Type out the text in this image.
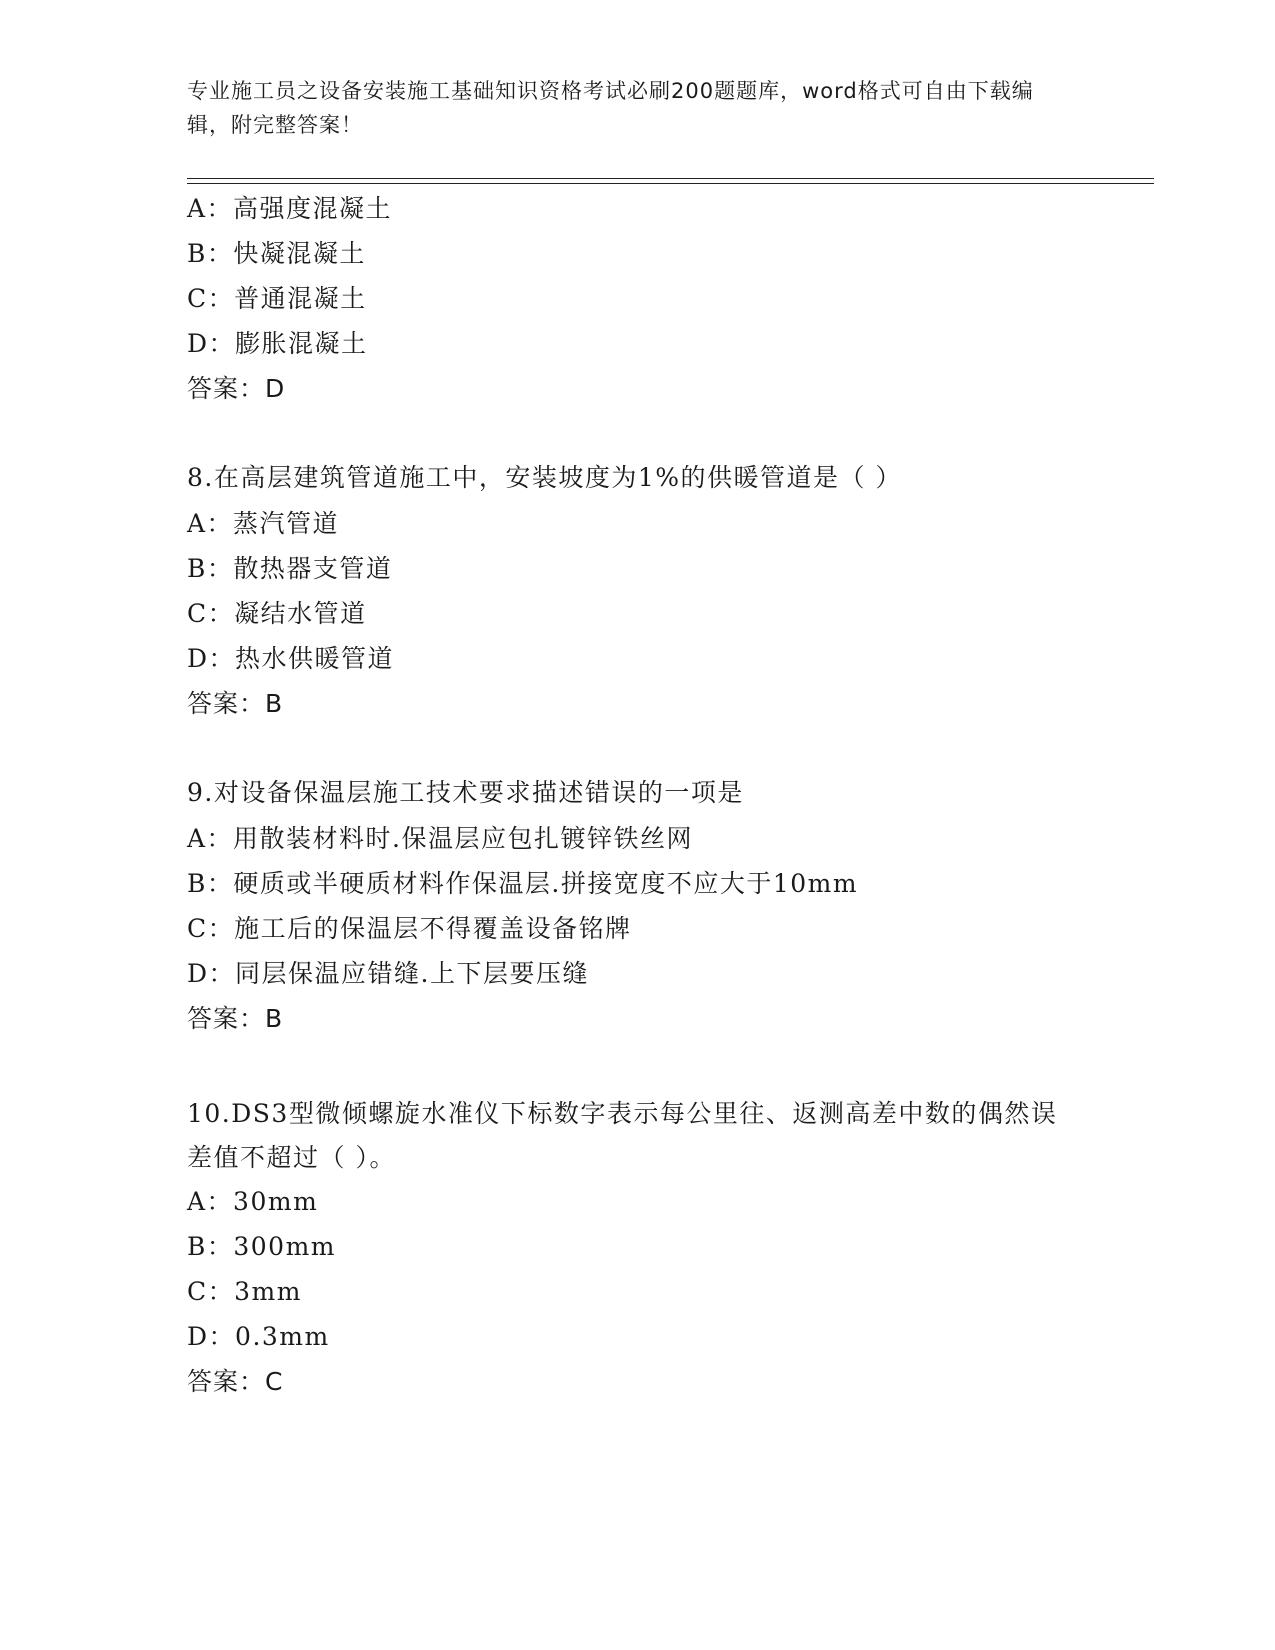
专业施工员之设备安装施工基础知识资格考试必刷200题题库，word格式可自由下载编辑，附完整答案！
A：高强度混凝土
B：快凝混凝土
C：普通混凝土
D：膨胀混凝土
答案：D
8.在高层建筑管道施工中，安装坡度为1%的供暖管道是（ ）
A：蒸汽管道
B：散热器支管道
C：凝结水管道
D：热水供暖管道
答案：B
9.对设备保温层施工技术要求描述错误的一项是
A：用散装材料时.保温层应包扎镀锌铁丝网
B：硬质或半硬质材料作保温层.拼接宽度不应大于10mm
C：施工后的保温层不得覆盖设备铭牌
D：同层保温应错缝.上下层要压缝
答案：B
10.DS3型微倾螺旋水准仪下标数字表示每公里往、返测高差中数的偶然误差值不超过（ ）。
A：30mm
B：300mm
C：3mm
D：0.3mm
答案：C
